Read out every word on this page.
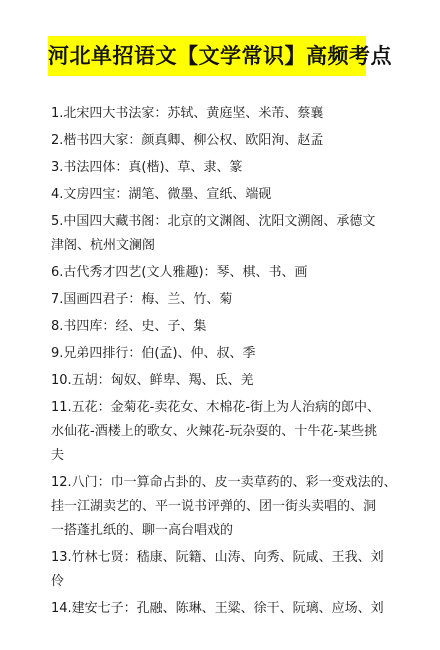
河北单招语文【文学常识】高频考点
1.北宋四大书法家：苏轼、黄庭坚、米芾、蔡襄
2.楷书四大家：颜真卿、柳公权、欧阳洵、赵孟
3.书法四体：真(楷)、草、隶、篆
4.文房四宝：湖笔、微墨、宣纸、端砚
5.中国四大藏书阁：北京的文渊阁、沈阳文溯阁、承德文
津阁、杭州文澜阁
6.古代秀才四艺(文人雅趣)：琴、棋、书、画
7.国画四君子：梅、兰、竹、菊
8.书四库：经、史、子、集
9.兄弟四排行：伯(孟)、仲、叔、季
10.五胡：匈奴、鲜卑、羯、氐、羌
11.五花：金菊花-卖花女、木棉花-街上为人治病的郎中、
水仙花-酒楼上的歌女、火辣花-玩杂耍的、十牛花-某些挑
夫
12.八门：巾一算命占卦的、皮一卖草药的、彩一变戏法的、
挂一江湖卖艺的、平一说书评弹的、团一街头卖唱的、洞
一搭蓬扎纸的、聊一高台唱戏的
13.竹林七贤：嵇康、阮籍、山涛、向秀、阮咸、王我、刘
伶
14.建安七子：孔融、陈琳、王粱、徐干、阮璃、应场、刘
